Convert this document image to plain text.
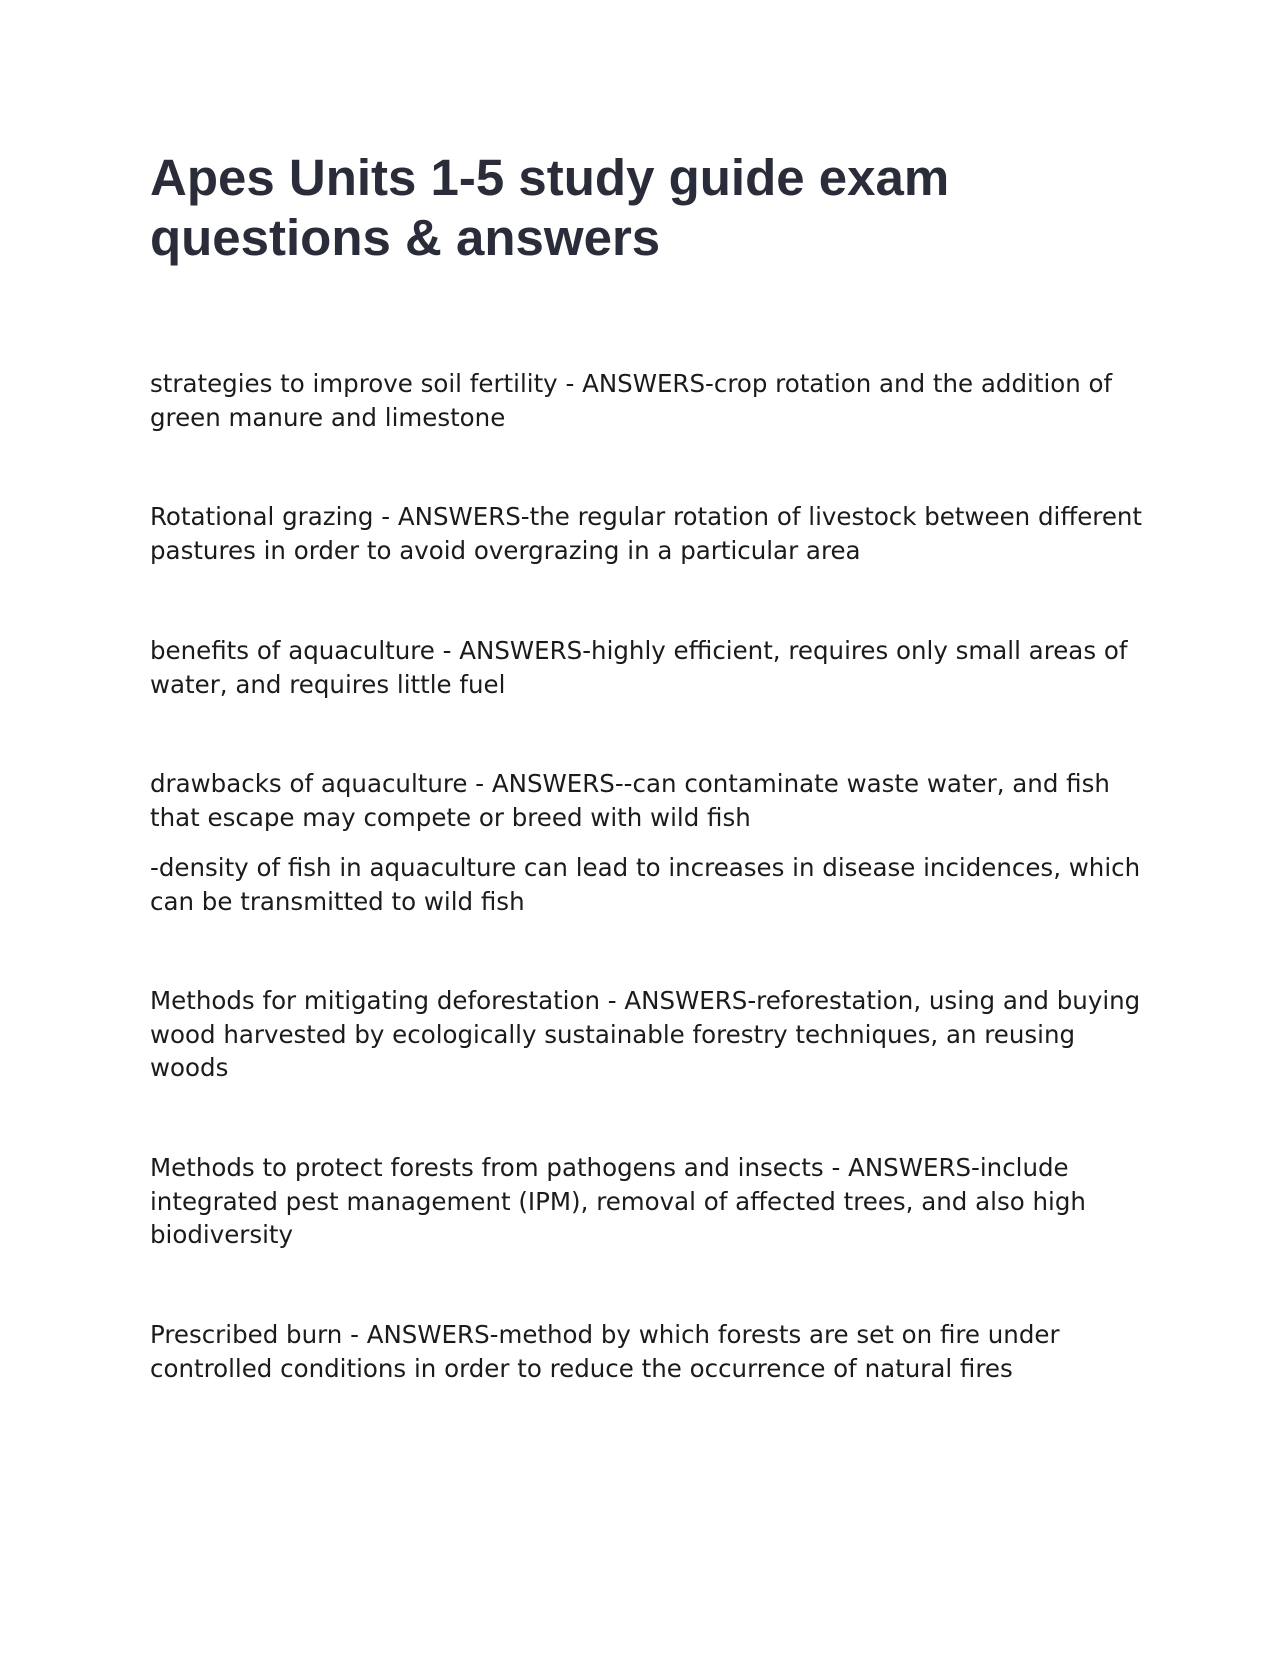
Apes Units 1-5 study guide exam questions & answers

strategies to improve soil fertility - ANSWERS-crop rotation and the addition of green manure and limestone

Rotational grazing - ANSWERS-the regular rotation of livestock between different pastures in order to avoid overgrazing in a particular area

benefits of aquaculture - ANSWERS-highly efficient, requires only small areas of water, and requires little fuel

drawbacks of aquaculture - ANSWERS--can contaminate waste water, and fish that escape may compete or breed with wild fish

-density of fish in aquaculture can lead to increases in disease incidences, which can be transmitted to wild fish

Methods for mitigating deforestation - ANSWERS-reforestation, using and buying wood harvested by ecologically sustainable forestry techniques, an reusing woods

Methods to protect forests from pathogens and insects - ANSWERS-include integrated pest management (IPM), removal of affected trees, and also high biodiversity

Prescribed burn - ANSWERS-method by which forests are set on fire under controlled conditions in order to reduce the occurrence of natural fires
